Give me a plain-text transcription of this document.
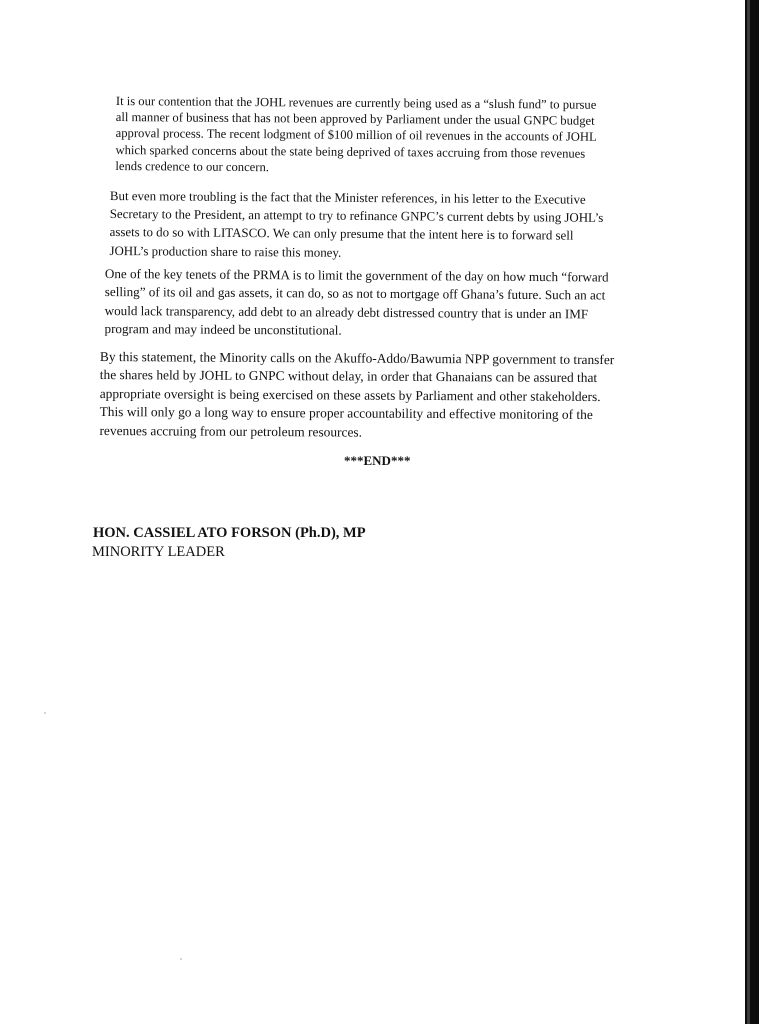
It is our contention that the JOHL revenues are currently being used as a “slush fund” to pursue
all manner of business that has not been approved by Parliament under the usual GNPC budget
approval process. The recent lodgment of $100 million of oil revenues in the accounts of JOHL
which sparked concerns about the state being deprived of taxes accruing from those revenues
lends credence to our concern.
But even more troubling is the fact that the Minister references, in his letter to the Executive
Secretary to the President, an attempt to try to refinance GNPC’s current debts by using JOHL’s
assets to do so with LITASCO. We can only presume that the intent here is to forward sell
JOHL’s production share to raise this money.
One of the key tenets of the PRMA is to limit the government of the day on how much “forward
selling” of its oil and gas assets, it can do, so as not to mortgage off Ghana’s future. Such an act
would lack transparency, add debt to an already debt distressed country that is under an IMF
program and may indeed be unconstitutional.
By this statement, the Minority calls on the Akuffo-Addo/Bawumia NPP government to transfer
the shares held by JOHL to GNPC without delay, in order that Ghanaians can be assured that
appropriate oversight is being exercised on these assets by Parliament and other stakeholders.
This will only go a long way to ensure proper accountability and effective monitoring of the
revenues accruing from our petroleum resources.
***END***
HON. CASSIEL ATO FORSON (Ph.D), MP
MINORITY LEADER
